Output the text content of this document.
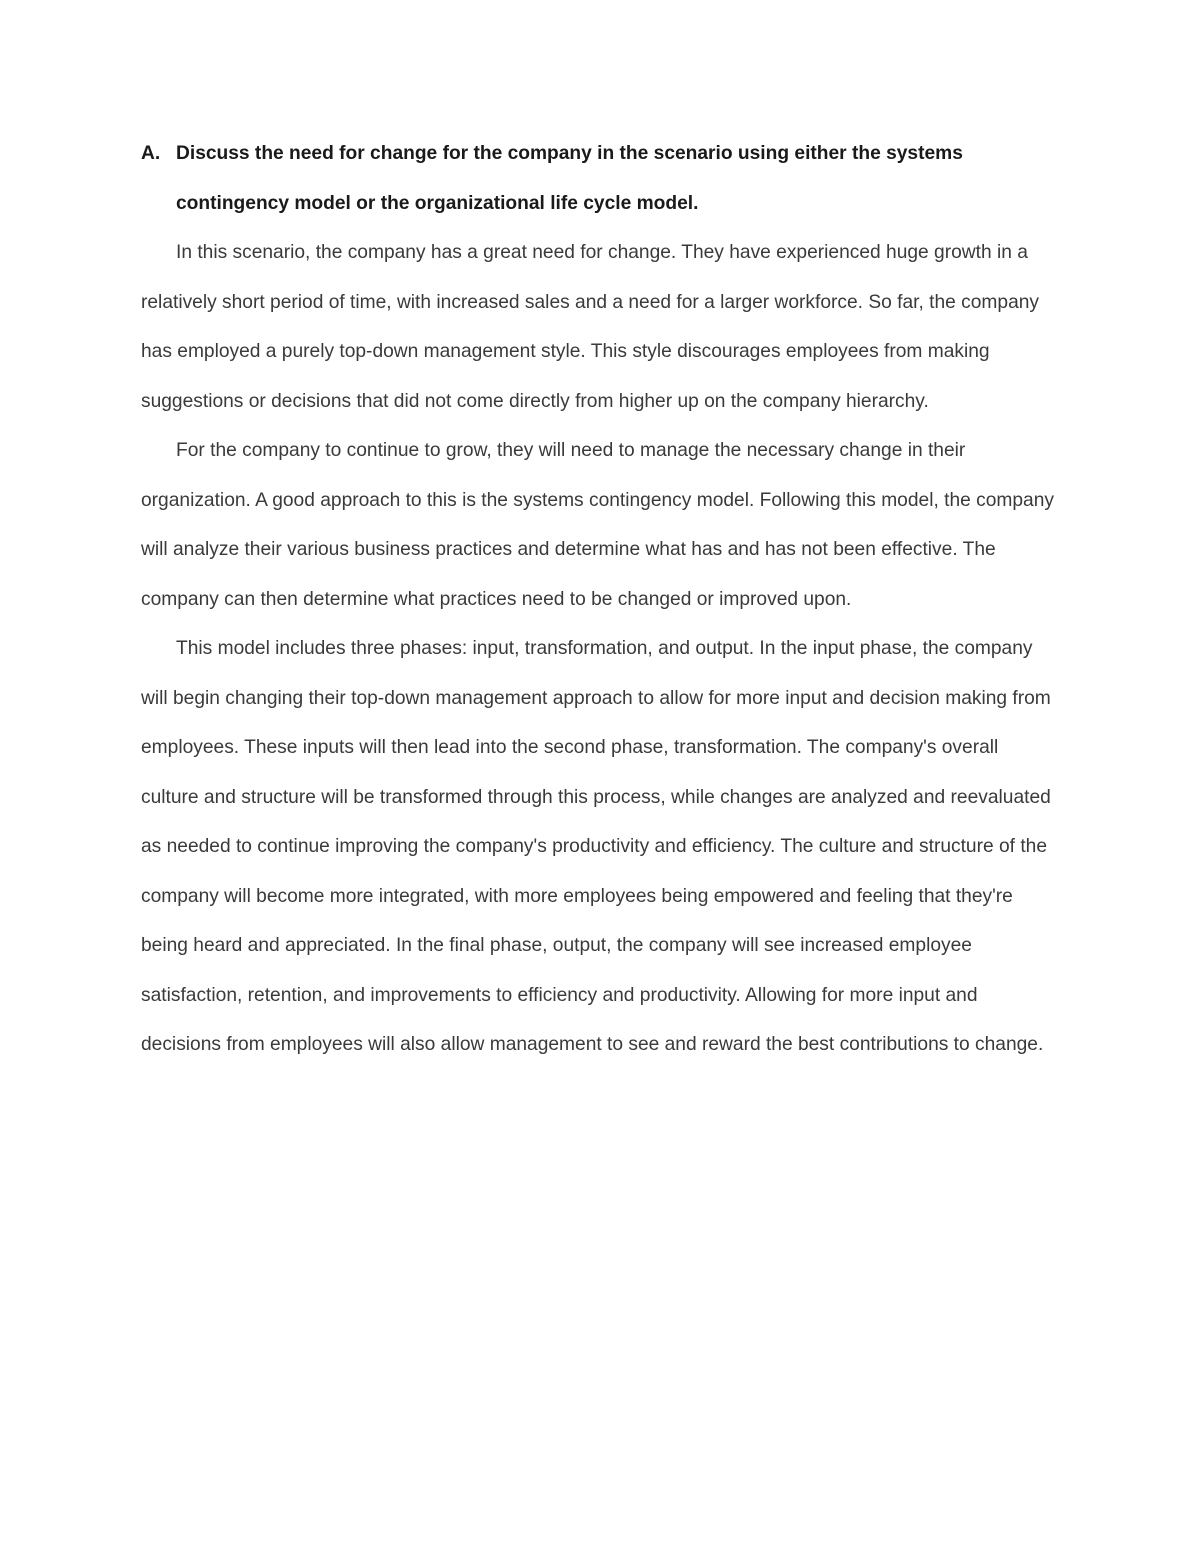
A. Discuss the need for change for the company in the scenario using either the systems contingency model or the organizational life cycle model.

In this scenario, the company has a great need for change. They have experienced huge growth in a relatively short period of time, with increased sales and a need for a larger workforce. So far, the company has employed a purely top-down management style. This style discourages employees from making suggestions or decisions that did not come directly from higher up on the company hierarchy.

For the company to continue to grow, they will need to manage the necessary change in their organization. A good approach to this is the systems contingency model. Following this model, the company will analyze their various business practices and determine what has and has not been effective. The company can then determine what practices need to be changed or improved upon.

This model includes three phases: input, transformation, and output. In the input phase, the company will begin changing their top-down management approach to allow for more input and decision making from employees. These inputs will then lead into the second phase, transformation. The company's overall culture and structure will be transformed through this process, while changes are analyzed and reevaluated as needed to continue improving the company's productivity and efficiency. The culture and structure of the company will become more integrated, with more employees being empowered and feeling that they're being heard and appreciated. In the final phase, output, the company will see increased employee satisfaction, retention, and improvements to efficiency and productivity. Allowing for more input and decisions from employees will also allow management to see and reward the best contributions to change.
